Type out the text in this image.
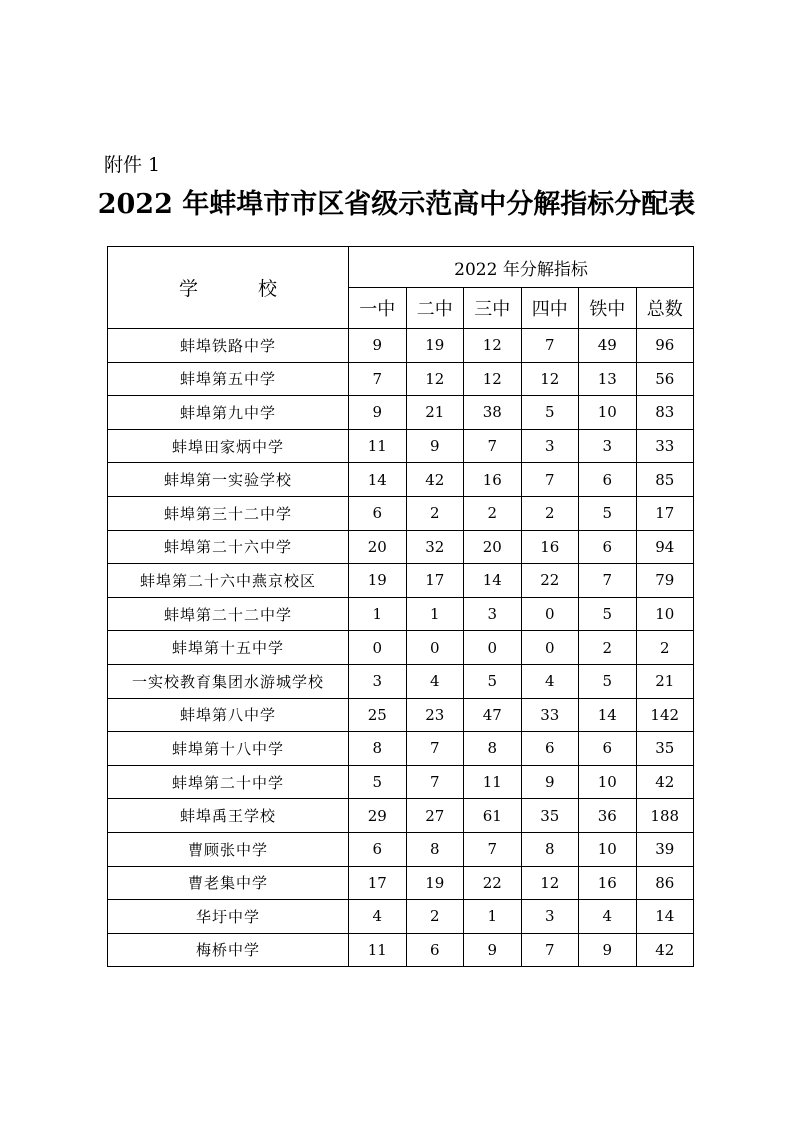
附件 1
2022 年蚌埠市市区省级示范高中分解指标分配表
学校	2022 年分解指标					
	一中	二中	三中	四中	铁中	总数
蚌埠铁路中学	9	19	12	7	49	96
蚌埠第五中学	7	12	12	12	13	56
蚌埠第九中学	9	21	38	5	10	83
蚌埠田家炳中学	11	9	7	3	3	33
蚌埠第一实验学校	14	42	16	7	6	85
蚌埠第三十二中学	6	2	2	2	5	17
蚌埠第二十六中学	20	32	20	16	6	94
蚌埠第二十六中燕京校区	19	17	14	22	7	79
蚌埠第二十二中学	1	1	3	0	5	10
蚌埠第十五中学	0	0	0	0	2	2
一实校教育集团水游城学校	3	4	5	4	5	21
蚌埠第八中学	25	23	47	33	14	142
蚌埠第十八中学	8	7	8	6	6	35
蚌埠第二十中学	5	7	11	9	10	42
蚌埠禹王学校	29	27	61	35	36	188
曹顾张中学	6	8	7	8	10	39
曹老集中学	17	19	22	12	16	86
华圩中学	4	2	1	3	4	14
梅桥中学	11	6	9	7	9	42
